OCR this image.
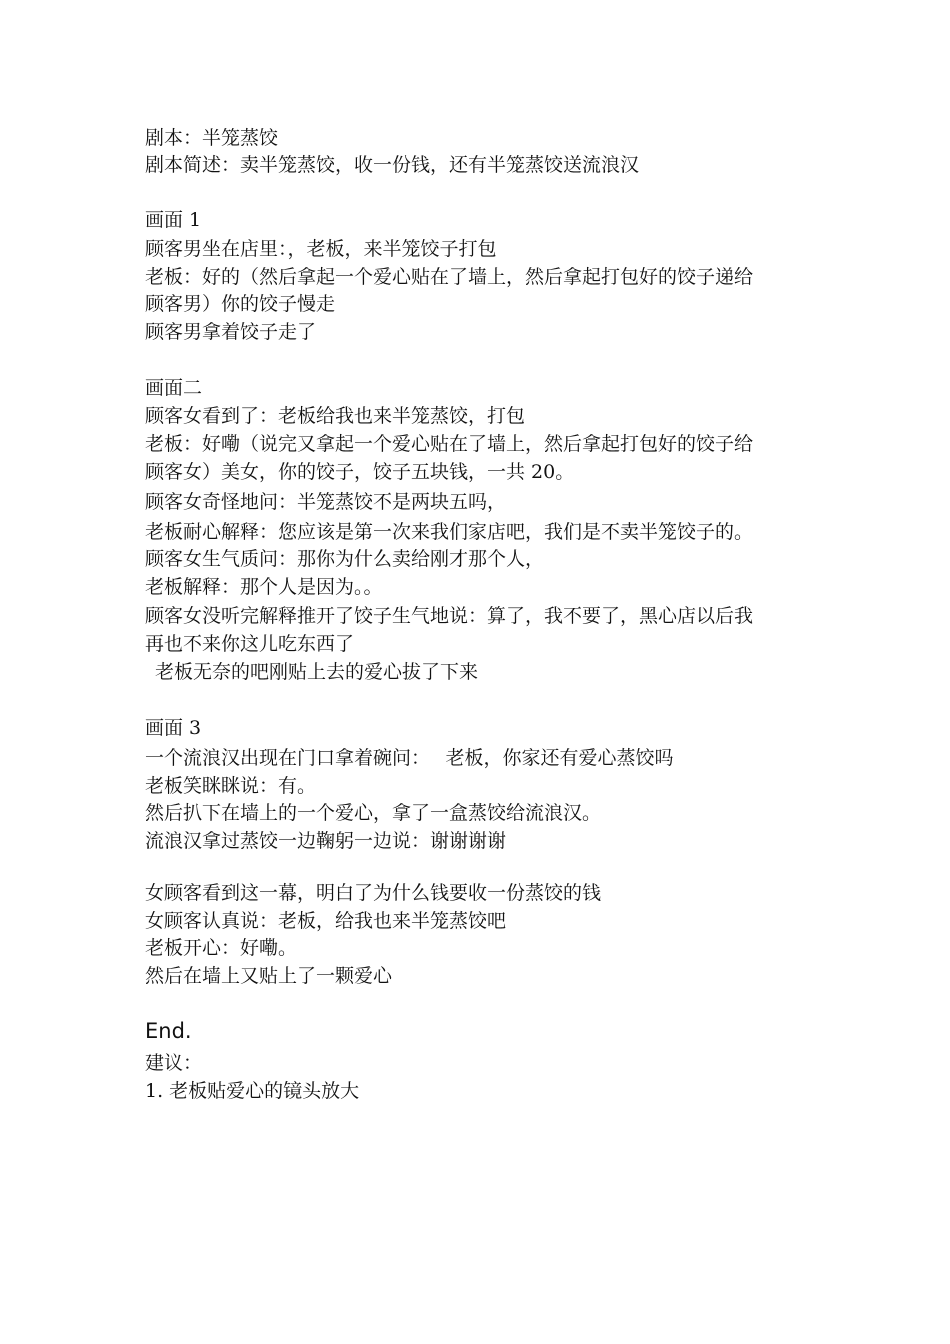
剧本：半笼蒸饺

剧本简述：卖半笼蒸饺，收一份钱，还有半笼蒸饺送流浪汉

画面 1

顾客男坐在店里：，老板，来半笼饺子打包

老板：好的（然后拿起一个爱心贴在了墙上，然后拿起打包好的饺子递给

顾客男）你的饺子慢走

顾客男拿着饺子走了

画面二

顾客女看到了：老板给我也来半笼蒸饺，打包

老板：好嘞（说完又拿起一个爱心贴在了墙上，然后拿起打包好的饺子给

顾客女）美女，你的饺子，饺子五块钱，一共 20。

顾客女奇怪地问：半笼蒸饺不是两块五吗，

老板耐心解释：您应该是第一次来我们家店吧，我们是不卖半笼饺子的。

顾客女生气质问：那你为什么卖给刚才那个人，

老板解释：那个人是因为。。

顾客女没听完解释推开了饺子生气地说：算了，我不要了，黑心店以后我

再也不来你这儿吃东西了

老板无奈的吧刚贴上去的爱心拔了下来

画面 3

一个流浪汉出现在门口拿着碗问：　 老板，你家还有爱心蒸饺吗

老板笑眯眯说：有。

然后扒下在墙上的一个爱心，拿了一盒蒸饺给流浪汉。

流浪汉拿过蒸饺一边鞠躬一边说：谢谢谢谢

女顾客看到这一幕，明白了为什么钱要收一份蒸饺的钱

女顾客认真说：老板，给我也来半笼蒸饺吧

老板开心：好嘞。

然后在墙上又贴上了一颗爱心

End.

建议：

1. 老板贴爱心的镜头放大
